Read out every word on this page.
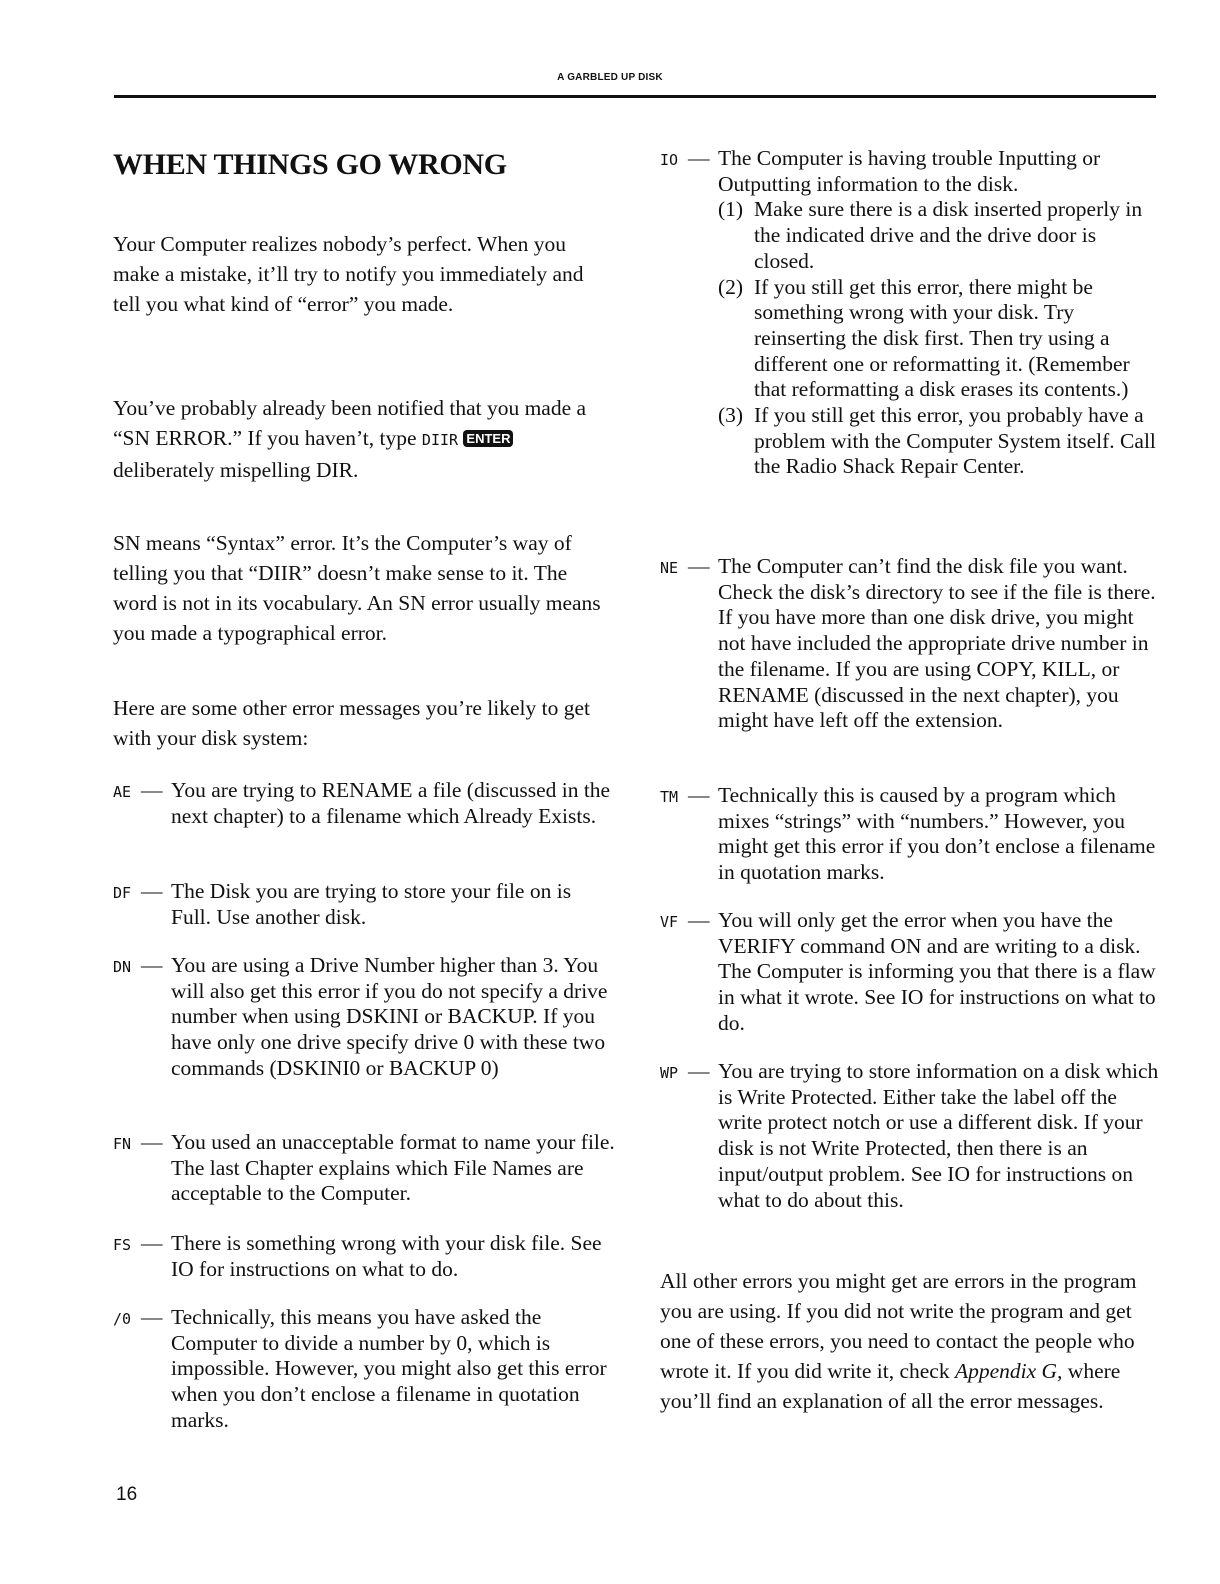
A GARBLED UP DISK
WHEN THINGS GO WRONG

Your Computer realizes nobody’s perfect. When you make a mistake, it’ll try to notify you immediately and tell you what kind of “error” you made.

You’ve probably already been notified that you made a “SN ERROR.” If you haven’t, type DIIR ENTER deliberately mispelling DIR.

SN means “Syntax” error. It’s the Computer’s way of telling you that “DIIR” doesn’t make sense to it. The word is not in its vocabulary. An SN error usually means you made a typographical error.

Here are some other error messages you’re likely to get with your disk system:

AE — You are trying to RENAME a file (discussed in the next chapter) to a filename which Already Exists.
DF — The Disk you are trying to store your file on is Full. Use another disk.
DN — You are using a Drive Number higher than 3. You will also get this error if you do not specify a drive number when using DSKINI or BACKUP. If you have only one drive specify drive 0 with these two commands (DSKINI0 or BACKUP 0)
FN — You used an unacceptable format to name your file. The last Chapter explains which File Names are acceptable to the Computer.
FS — There is something wrong with your disk file. See IO for instructions on what to do.
/0 — Technically, this means you have asked the Computer to divide a number by 0, which is impossible. However, you might also get this error when you don’t enclose a filename in quotation marks.
IO — The Computer is having trouble Inputting or Outputting information to the disk.
(1) Make sure there is a disk inserted properly in the indicated drive and the drive door is closed.
(2) If you still get this error, there might be something wrong with your disk. Try reinserting the disk first. Then try using a different one or reformatting it. (Remember that reformatting a disk erases its contents.)
(3) If you still get this error, you probably have a problem with the Computer System itself. Call the Radio Shack Repair Center.
NE — The Computer can’t find the disk file you want. Check the disk’s directory to see if the file is there. If you have more than one disk drive, you might not have included the appropriate drive number in the filename. If you are using COPY, KILL, or RENAME (discussed in the next chapter), you might have left off the extension.
TM — Technically this is caused by a program which mixes “strings” with “numbers.” However, you might get this error if you don’t enclose a filename in quotation marks.
VF — You will only get the error when you have the VERIFY command ON and are writing to a disk. The Computer is informing you that there is a flaw in what it wrote. See IO for instructions on what to do.
WP — You are trying to store information on a disk which is Write Protected. Either take the label off the write protect notch or use a different disk. If your disk is not Write Protected, then there is an input/output problem. See IO for instructions on what to do about this.

All other errors you might get are errors in the program you are using. If you did not write the program and get one of these errors, you need to contact the people who wrote it. If you did write it, check Appendix G, where you’ll find an explanation of all the error messages.

16
